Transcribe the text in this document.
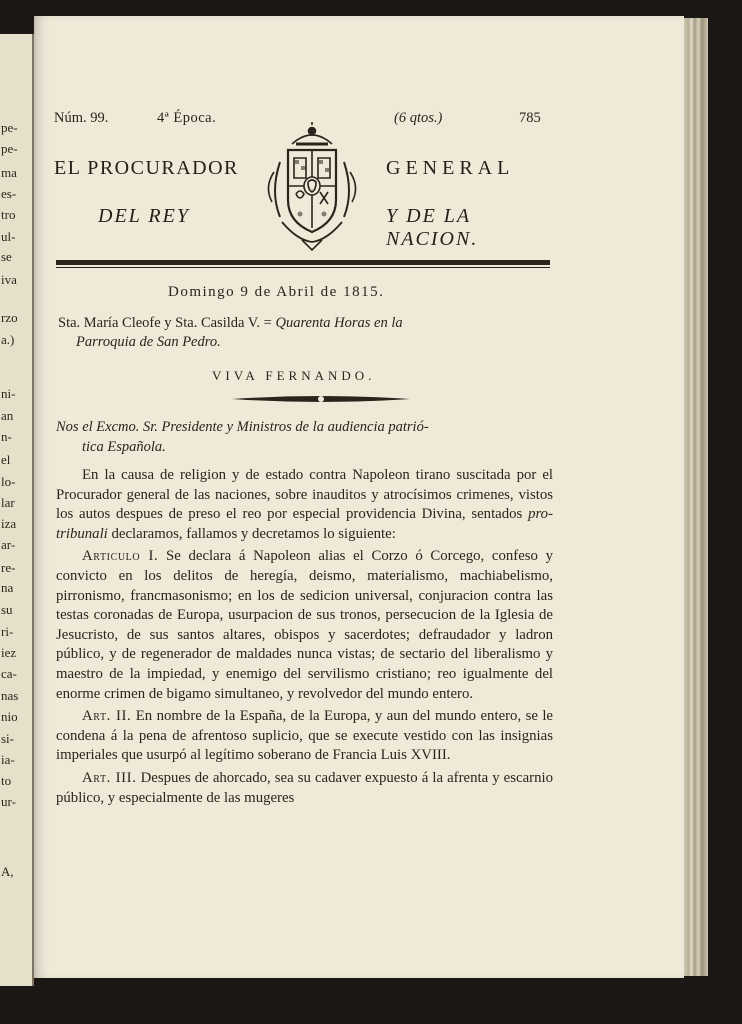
pe-
pe-
ma
es-
tro
ul-
se
iva
rzo
a.)
ni-
an
n-
el
lo-
lar
iza
ar-
re-
na
su
ri-
iez
ca-
nas
nio
si-
ia-
to
ur-
A,
Núm. 99.	4ª Época.	(6 qtos.)	785
EL PROCURADOR	GENERAL
DEL REY	Y DE LA NACION.
Domingo 9 de Abril de 1815.
Sta. María Cleofe y Sta. Casilda V. = Quarenta Horas en la
Parroquia de San Pedro.
VIVA FERNANDO.
Nos el Excmo. Sr. Presidente y Ministros de la audiencia patrió-
tica Española.

En la causa de religion y de estado contra Napoleon tirano suscitada por el Procurador general de las naciones, sobre inauditos y atrocísimos crimenes, vistos los autos despues de preso el reo por especial providencia Divina, sentados pro-tribunali declaramos, fallamos y decretamos lo siguiente:

Articulo I. Se declara á Napoleon alias el Corzo ó Corcego, confeso y convicto en los delitos de heregía, deismo, materialismo, machiabelismo, pirronismo, francmasonismo; en los de sedicion universal, conjuracion contra las testas coronadas de Europa, usurpacion de sus tronos, persecucion de la Iglesia de Jesucristo, de sus santos altares, obispos y sacerdotes; defraudador y ladron público, y de regenerador de maldades nunca vistas; de sectario del liberalismo y maestro de la impiedad, y enemigo del servilismo cristiano; reo igualmente del enorme crimen de bigamo simultaneo, y revolvedor del mundo entero.

Art. II. En nombre de la España, de la Europa, y aun del mundo entero, se le condena á la pena de afrentoso suplicio, que se execute vestido con las insignias imperiales que usurpó al legítimo soberano de Francia Luis XVIII.

Art. III. Despues de ahorcado, sea su cadaver expuesto á la afrenta y escarnio público, y especialmente de las mugeres
